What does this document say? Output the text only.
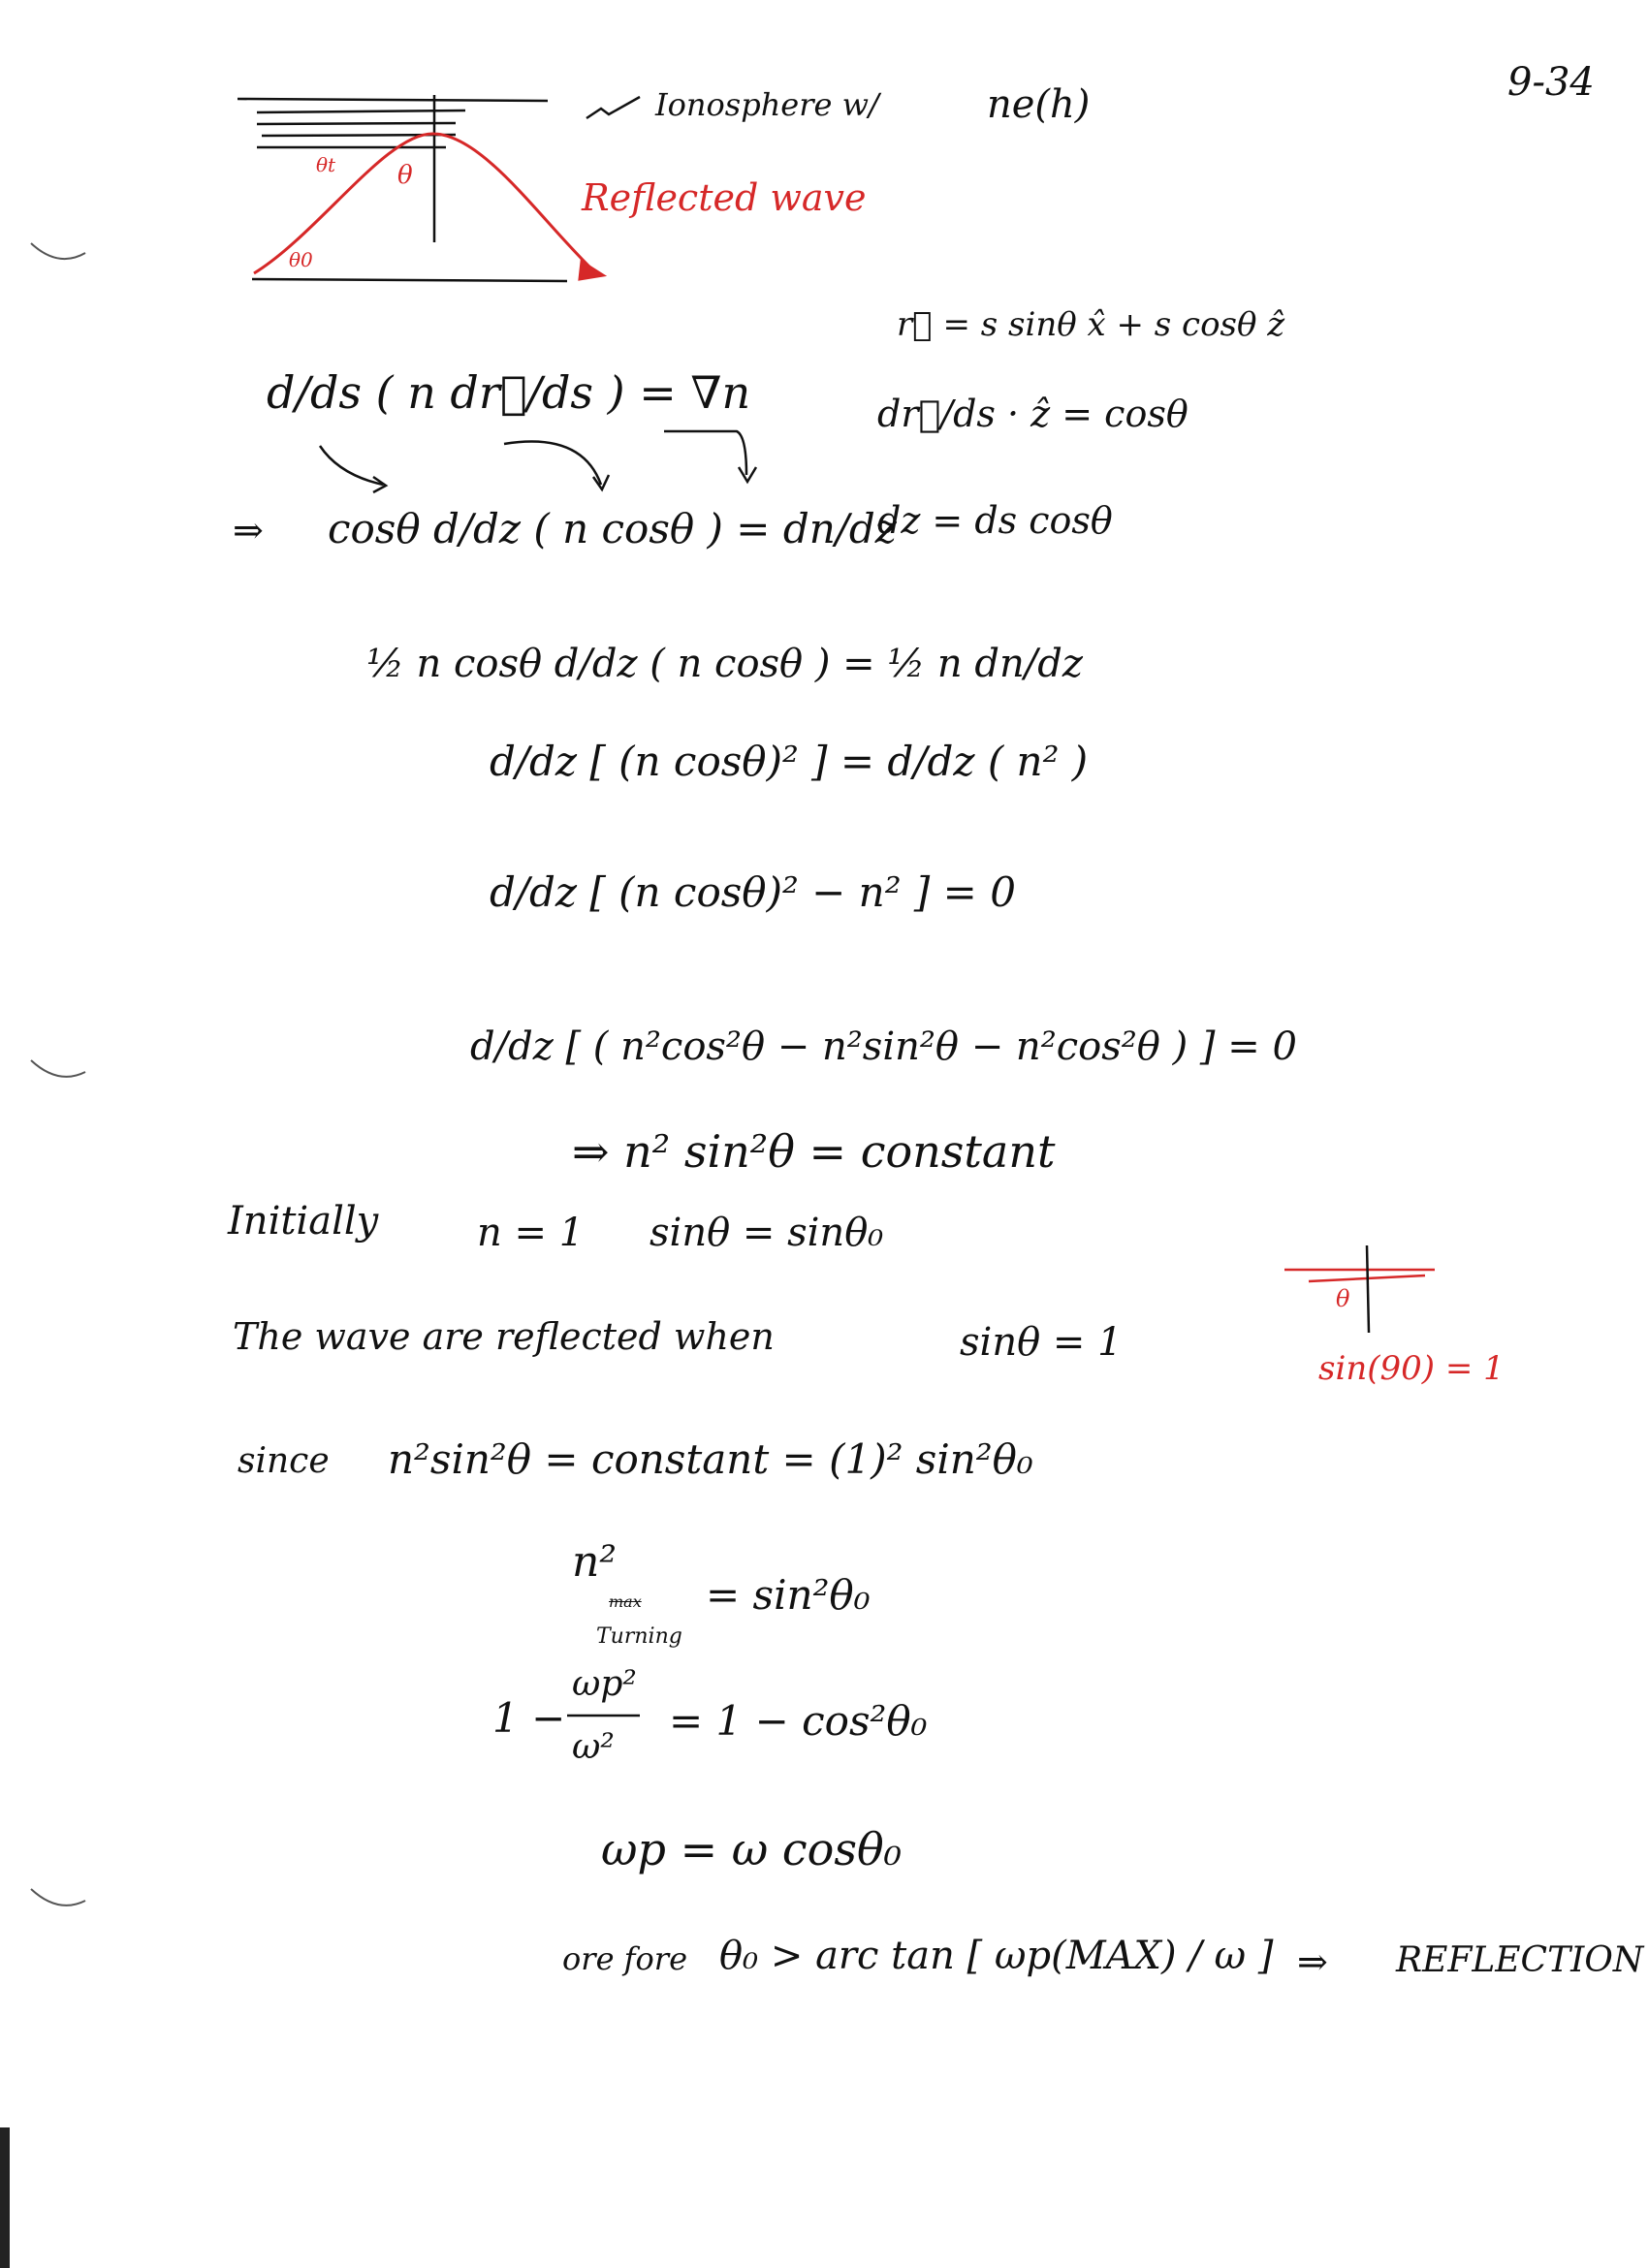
9-34
Ionosphere w/	ne(h)
Reflected wave
θ
θt
θ0
r⃗ = s sinθ x̂ + s cosθ ẑ
dr⃗/ds · ẑ = cosθ
dz = ds cosθ
d/ds ( n dr⃗/ds ) = ∇n
⇒ cosθ d/dz ( n cosθ ) = dn/dz
½ n cosθ d/dz ( n cosθ ) = ½ n dn/dz
d/dz [ (n cosθ)² ] = d/dz ( n² )
d/dz [ (n cosθ)² − n² ] = 0
d/dz [ ( n²cos²θ − n²sin²θ − n²cos²θ ) ] = 0
⇒ n² sin²θ = constant
Initially	n = 1 sinθ = sinθ₀
The wave are reflected when	sinθ = 1
θ
sin(90) = 1
since n²sin²θ = constant = (1)² sin²θ₀
n²
max
Turning
= sin²θ₀
1 −
ωp²
ω²
= 1 − cos²θ₀
ωp = ω cosθ₀
ore fore θ₀ > arc tan [ ωp(MAX) / ω ] ⇒ REFLECTION
